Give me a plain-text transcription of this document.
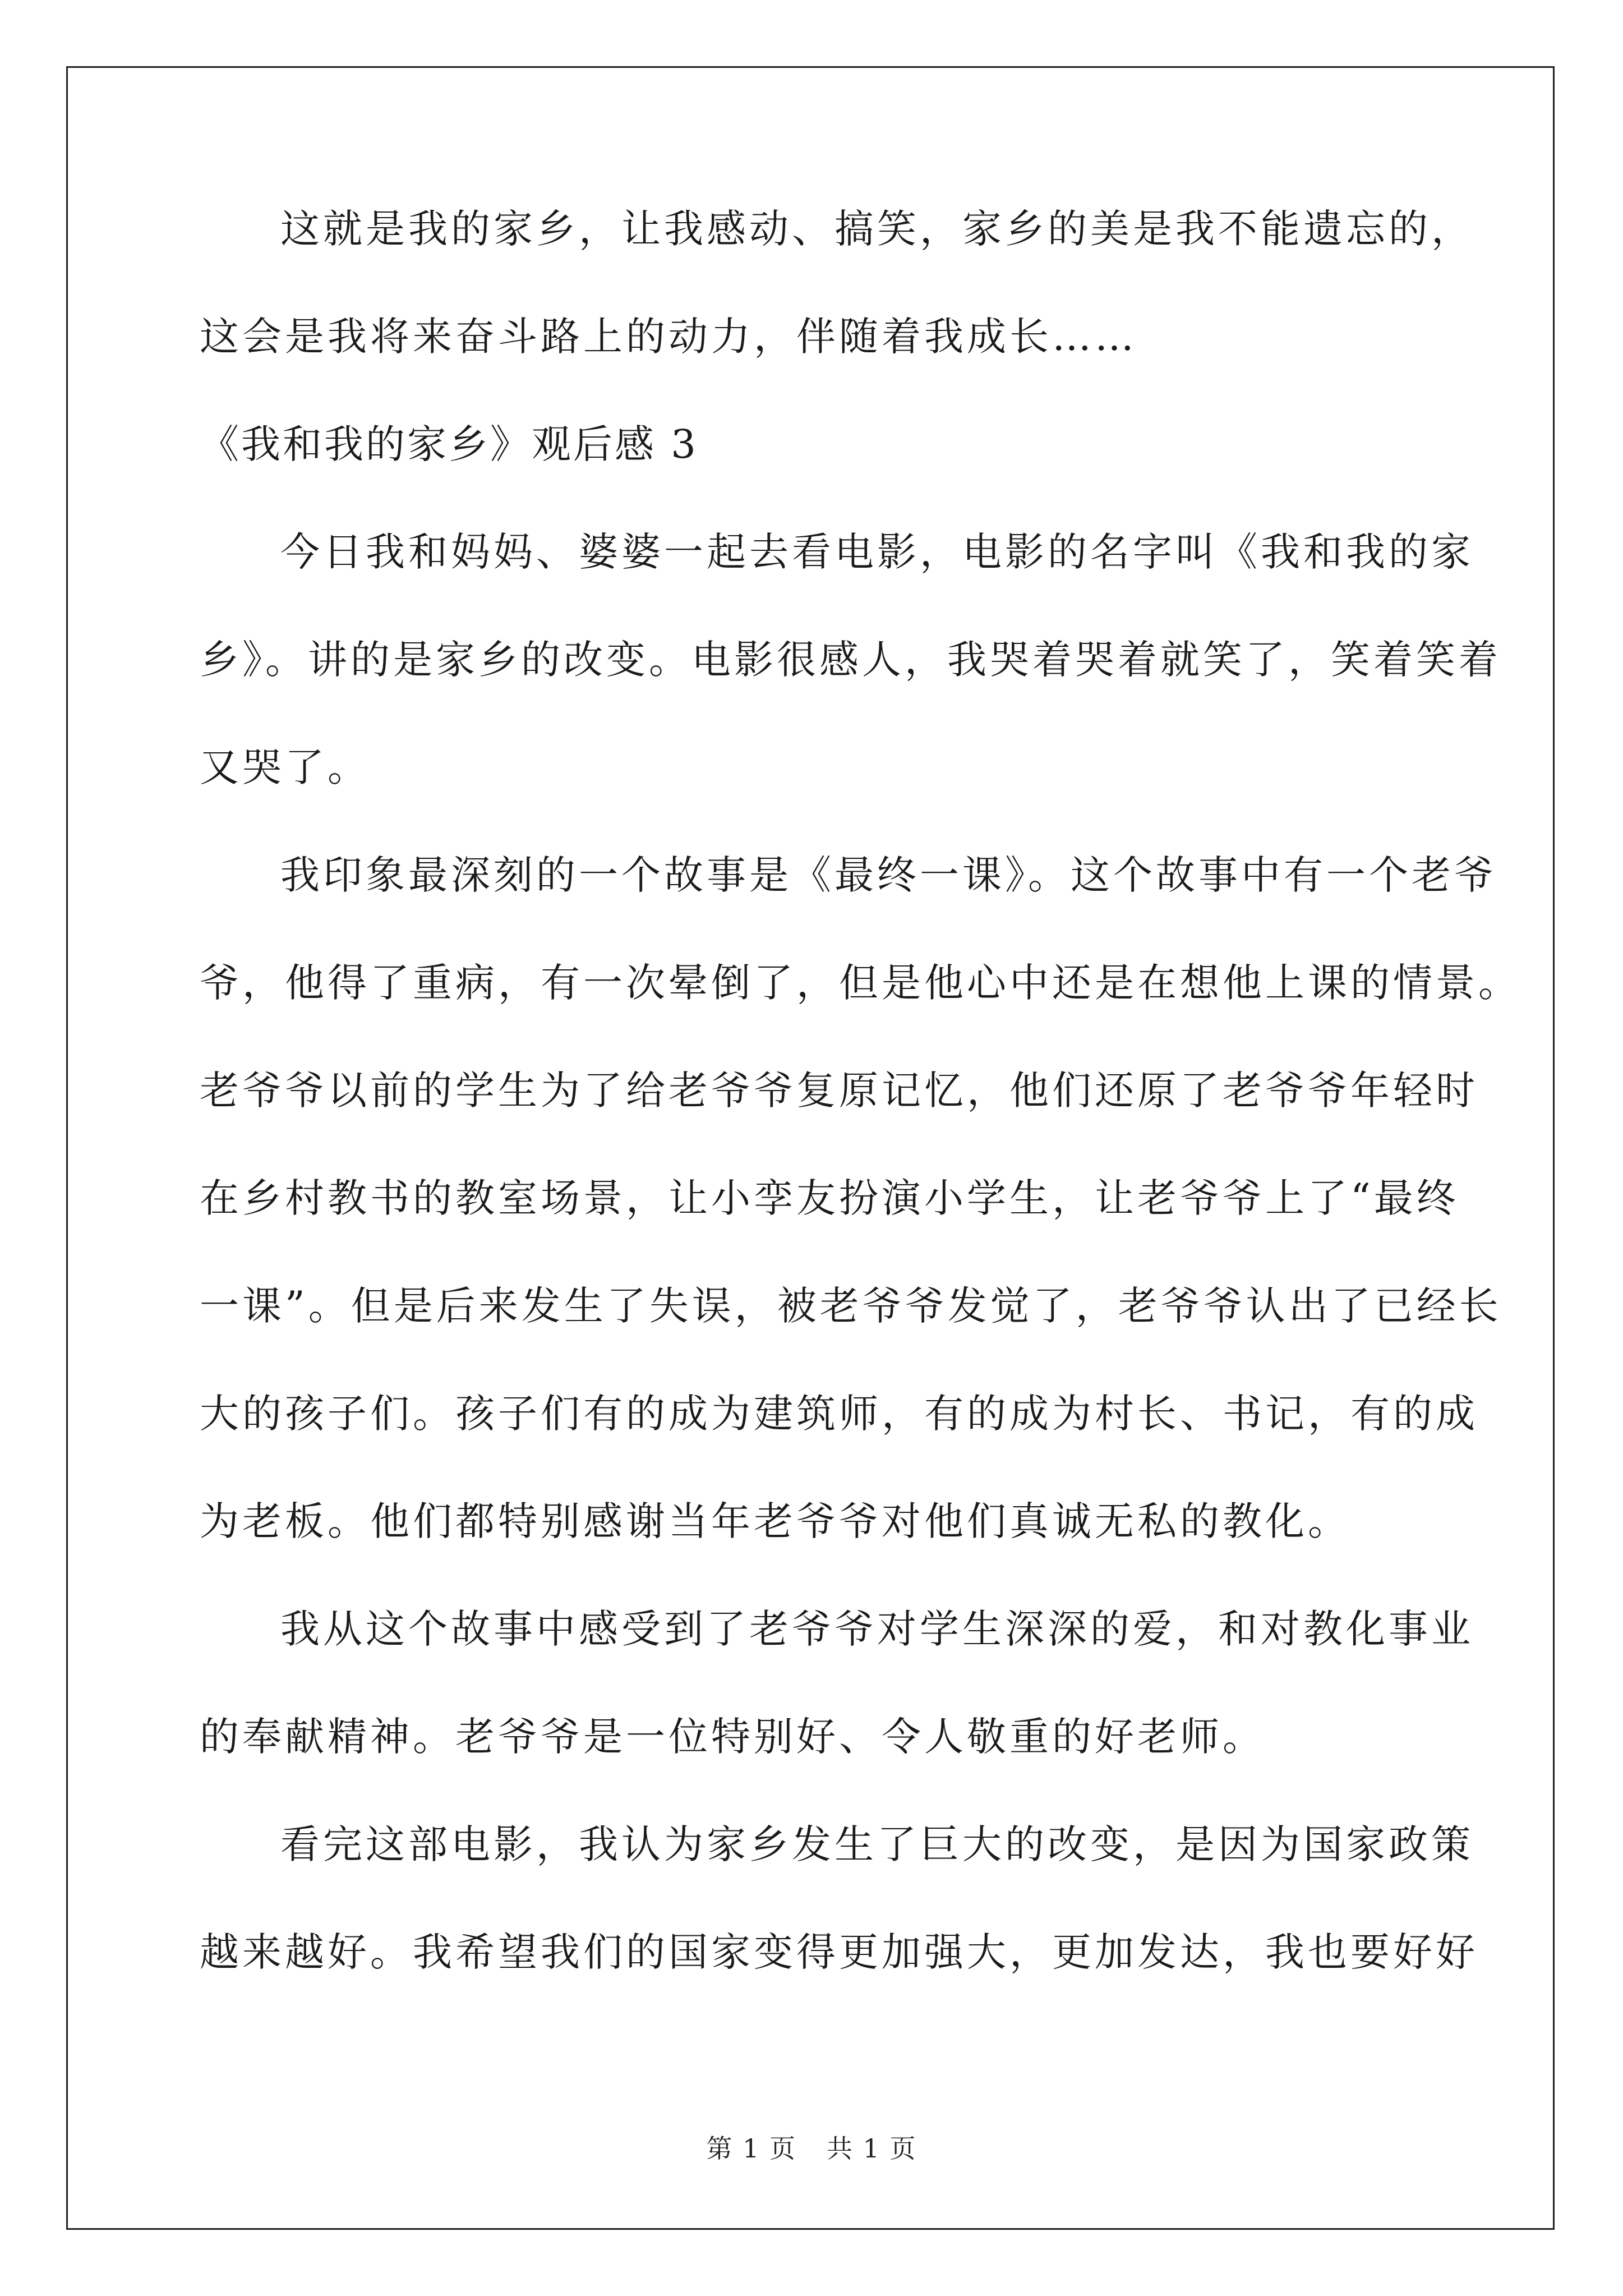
这就是我的家乡，让我感动、搞笑，家乡的美是我不能遗忘的，
这会是我将来奋斗路上的动力，伴随着我成长……
《我和我的家乡》观后感 3
今日我和妈妈、婆婆一起去看电影，电影的名字叫《我和我的家
乡》。讲的是家乡的改变。电影很感人，我哭着哭着就笑了，笑着笑着
又哭了。
我印象最深刻的一个故事是《最终一课》。这个故事中有一个老爷
爷，他得了重病，有一次晕倒了，但是他心中还是在想他上课的情景。
老爷爷以前的学生为了给老爷爷复原记忆，他们还原了老爷爷年轻时
在乡村教书的教室场景，让小孪友扮演小学生，让老爷爷上了“最终
一课”。但是后来发生了失误，被老爷爷发觉了，老爷爷认出了已经长
大的孩子们。孩子们有的成为建筑师，有的成为村长、书记，有的成
为老板。他们都特别感谢当年老爷爷对他们真诚无私的教化。
我从这个故事中感受到了老爷爷对学生深深的爱，和对教化事业
的奉献精神。老爷爷是一位特别好、令人敬重的好老师。
看完这部电影，我认为家乡发生了巨大的改变，是因为国家政策
越来越好。我希望我们的国家变得更加强大，更加发达，我也要好好
第 1 页 共 1 页
